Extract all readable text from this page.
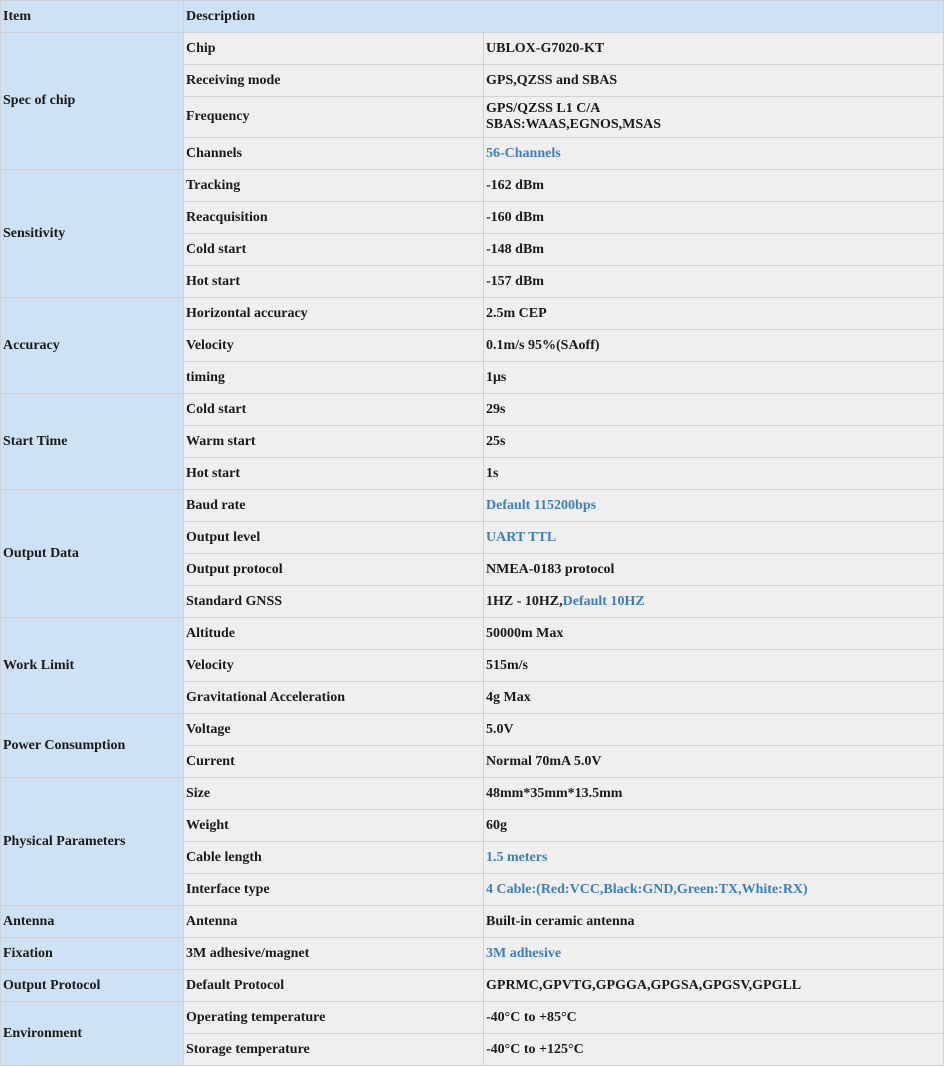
Item	Description	
Spec of chip	Chip	UBLOX-G7020-KT
	Receiving mode	GPS,QZSS and SBAS
	Frequency	GPS/QZSS L1 C/A
SBAS:WAAS,EGNOS,MSAS

	Channels	56-Channels
Sensitivity	Tracking	-162 dBm
	Reacquisition	-160 dBm
	Cold start	-148 dBm
	Hot start	-157 dBm
Accuracy	Horizontal accuracy	2.5m CEP
	Velocity	0.1m/s 95%(SAoff)
	timing	1μs
Start Time	Cold start	29s
	Warm start	25s
	Hot start	1s
Output Data	Baud rate	Default 115200bps
	Output level	UART TTL
	Output protocol	NMEA-0183 protocol
	Standard GNSS	1HZ - 10HZ,Default 10HZ
Work Limit	Altitude	50000m Max
	Velocity	515m/s
	Gravitational Acceleration	4g Max
Power Consumption	Voltage	5.0V
	Current	Normal 70mA 5.0V
Physical Parameters	Size	48mm*35mm*13.5mm
	Weight	60g
	Cable length	1.5 meters
	Interface type	4 Cable:(Red:VCC,Black:GND,Green:TX,White:RX)
Antenna	Antenna	Built-in ceramic antenna
Fixation	3M adhesive/magnet	3M adhesive
Output Protocol	Default Protocol	GPRMC,GPVTG,GPGGA,GPGSA,GPGSV,GPGLL
Environment	Operating temperature	-40°C to +85°C
	Storage temperature	-40°C to +125°C
